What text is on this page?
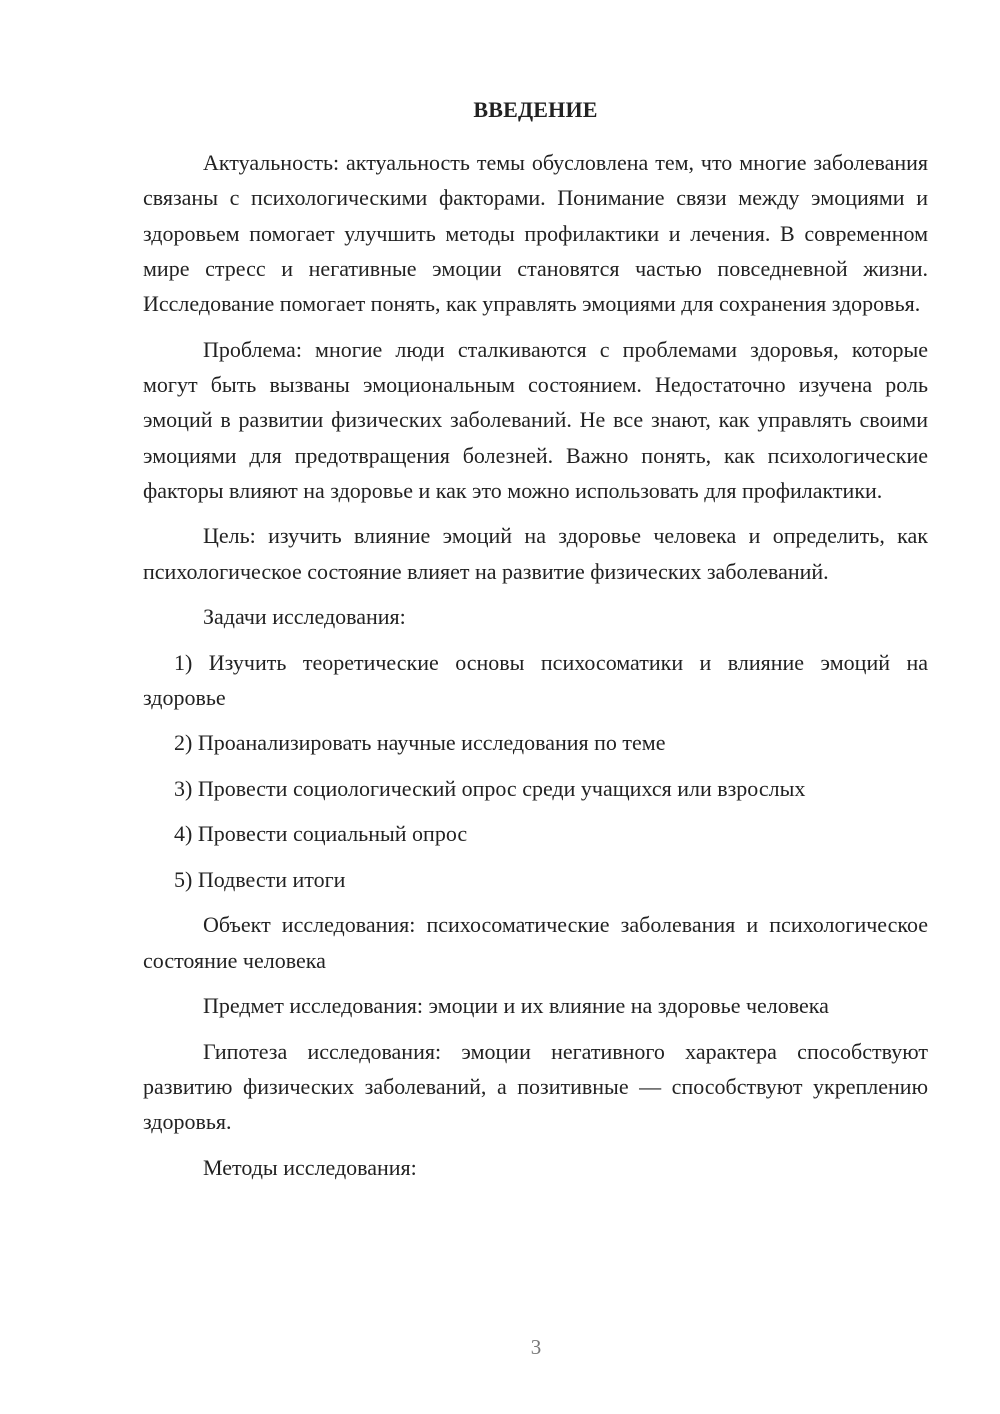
ВВЕДЕНИЕ

Актуальность: актуальность темы обусловлена тем, что многие заболевания связаны с психологическими факторами. Понимание связи между эмоциями и здоровьем помогает улучшить методы профилактики и лечения. В современном мире стресс и негативные эмоции становятся частью повседневной жизни. Исследование помогает понять, как управлять эмоциями для сохранения здоровья.

Проблема: многие люди сталкиваются с проблемами здоровья, которые могут быть вызваны эмоциональным состоянием. Недостаточно изучена роль эмоций в развитии физических заболеваний. Не все знают, как управлять своими эмоциями для предотвращения болезней. Важно понять, как психологические факторы влияют на здоровье и как это можно использовать для профилактики.

Цель: изучить влияние эмоций на здоровье человека и определить, как психологическое состояние влияет на развитие физических заболеваний.

Задачи исследования:

1) Изучить теоретические основы психосоматики и влияние эмоций на здоровье

2) Проанализировать научные исследования по теме

3) Провести социологический опрос среди учащихся или взрослых

4) Провести социальный опрос

5) Подвести итоги

Объект исследования: психосоматические заболевания и психологическое состояние человека

Предмет исследования: эмоции и их влияние на здоровье человека

Гипотеза исследования: эмоции негативного характера способствуют развитию физических заболеваний, а позитивные — способствуют укреплению здоровья.

Методы исследования:

3
